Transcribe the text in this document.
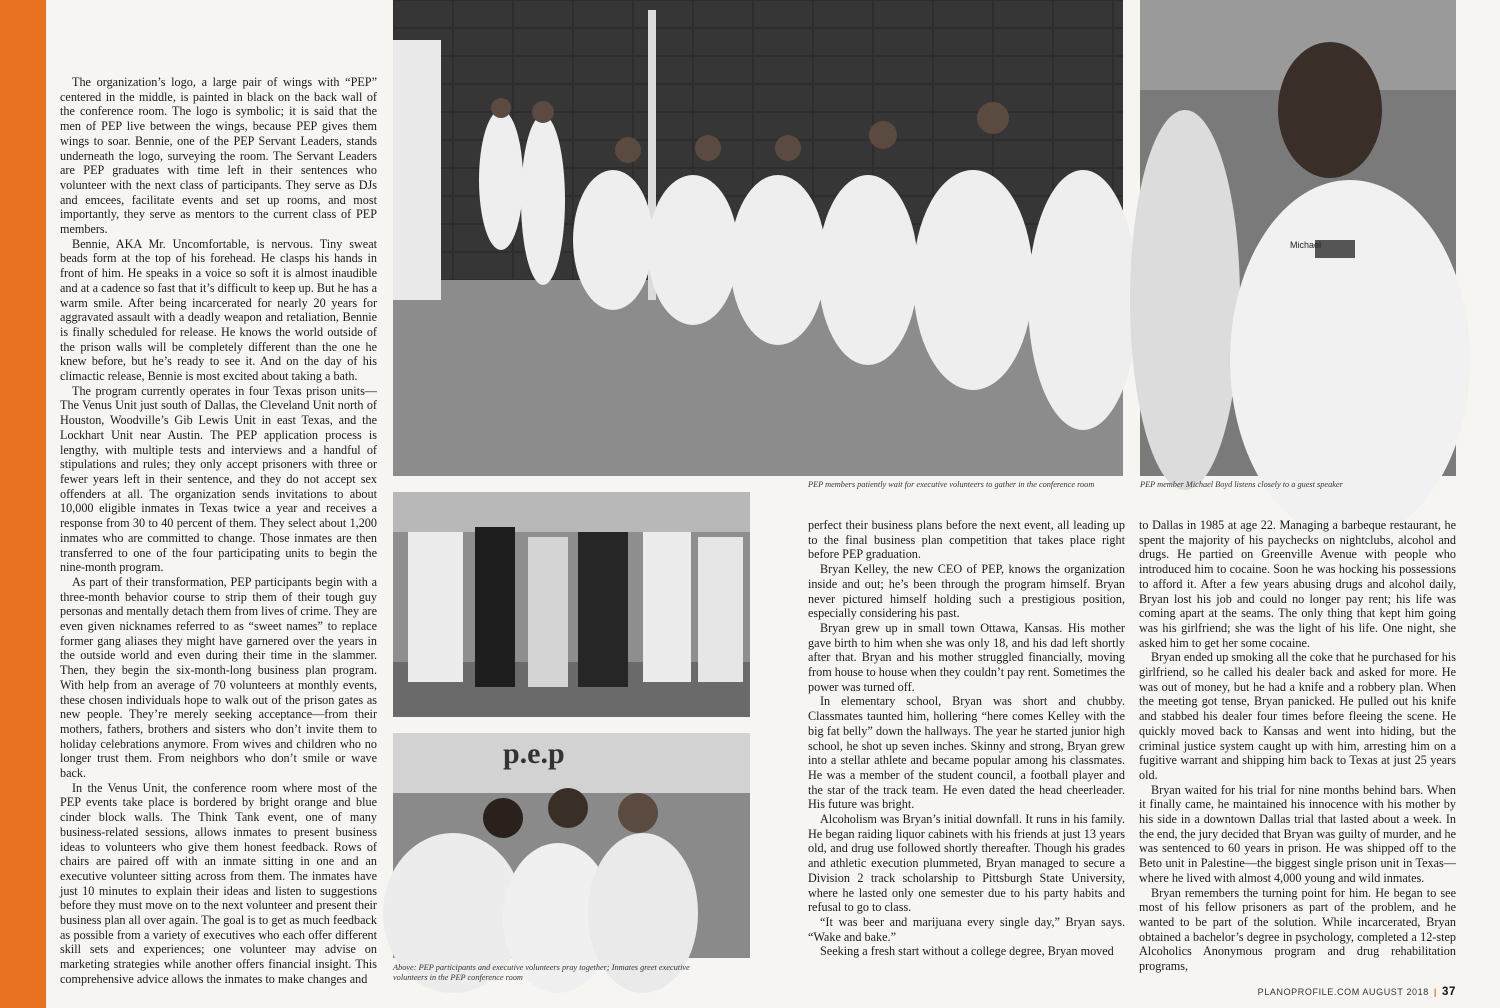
The organization’s logo, a large pair of wings with “PEP” centered in the middle, is painted in black on the back wall of the conference room. The logo is symbolic; it is said that the men of PEP live between the wings, because PEP gives them wings to soar. Bennie, one of the PEP Servant Leaders, stands underneath the logo, surveying the room. The Servant Leaders are PEP graduates with time left in their sentences who volunteer with the next class of participants. They serve as DJs and emcees, facilitate events and set up rooms, and most importantly, they serve as mentors to the current class of PEP members.

Bennie, AKA Mr. Uncomfortable, is nervous. Tiny sweat beads form at the top of his forehead. He clasps his hands in front of him. He speaks in a voice so soft it is almost inaudible and at a cadence so fast that it’s difficult to keep up. But he has a warm smile. After being incarcerated for nearly 20 years for aggravated assault with a deadly weapon and retaliation, Bennie is finally scheduled for release. He knows the world outside of the prison walls will be completely different than the one he knew before, but he’s ready to see it. And on the day of his climactic release, Bennie is most excited about taking a bath.

The program currently operates in four Texas prison units—The Venus Unit just south of Dallas, the Cleveland Unit north of Houston, Woodville’s Gib Lewis Unit in east Texas, and the Lockhart Unit near Austin. The PEP application process is lengthy, with multiple tests and interviews and a handful of stipulations and rules; they only accept prisoners with three or fewer years left in their sentence, and they do not accept sex offenders at all. The organization sends invitations to about 10,000 eligible inmates in Texas twice a year and receives a response from 30 to 40 percent of them. They select about 1,200 inmates who are committed to change. Those inmates are then transferred to one of the four participating units to begin the nine-month program.

As part of their transformation, PEP participants begin with a three-month behavior course to strip them of their tough guy personas and mentally detach them from lives of crime. They are even given nicknames referred to as “sweet names” to replace former gang aliases they might have garnered over the years in the outside world and even during their time in the slammer. Then, they begin the six-month-long business plan program. With help from an average of 70 volunteers at monthly events, these chosen individuals hope to walk out of the prison gates as new people. They’re merely seeking acceptance—from their mothers, fathers, brothers and sisters who don’t invite them to holiday celebrations anymore. From wives and children who no longer trust them. From neighbors who don’t smile or wave back.

In the Venus Unit, the conference room where most of the PEP events take place is bordered by bright orange and blue cinder block walls. The Think Tank event, one of many business-related sessions, allows inmates to present business ideas to volunteers who give them honest feedback. Rows of chairs are paired off with an inmate sitting in one and an executive volunteer sitting across from them. The inmates have just 10 minutes to explain their ideas and listen to suggestions before they must move on to the next volunteer and present their business plan all over again. The goal is to get as much feedback as possible from a variety of executives who each offer different skill sets and experiences; one volunteer may advise on marketing strategies while another offers financial insight. This comprehensive advice allows the inmates to make changes and

PEP members patiently wait for executive volunteers to gather in the conference room
Michael
PEP member Michael Boyd listens closely to a guest speaker
p.e.p
Above: PEP participants and executive volunteers pray together; Inmates greet executive volunteers in the PEP conference room

perfect their business plans before the next event, all leading up to the final business plan competition that takes place right before PEP graduation.

Bryan Kelley, the new CEO of PEP, knows the organization inside and out; he’s been through the program himself. Bryan never pictured himself holding such a prestigious position, especially considering his past.

Bryan grew up in small town Ottawa, Kansas. His mother gave birth to him when she was only 18, and his dad left shortly after that. Bryan and his mother struggled financially, moving from house to house when they couldn’t pay rent. Sometimes the power was turned off.

In elementary school, Bryan was short and chubby. Classmates taunted him, hollering “here comes Kelley with the big fat belly” down the hallways. The year he started junior high school, he shot up seven inches. Skinny and strong, Bryan grew into a stellar athlete and became popular among his classmates. He was a member of the student council, a football player and the star of the track team. He even dated the head cheerleader. His future was bright.

Alcoholism was Bryan’s initial downfall. It runs in his family. He began raiding liquor cabinets with his friends at just 13 years old, and drug use followed shortly thereafter. Though his grades and athletic execution plummeted, Bryan managed to secure a Division 2 track scholarship to Pittsburgh State University, where he lasted only one semester due to his party habits and refusal to go to class.

“It was beer and marijuana every single day,” Bryan says. “Wake and bake.”

Seeking a fresh start without a college degree, Bryan moved

to Dallas in 1985 at age 22. Managing a barbeque restaurant, he spent the majority of his paychecks on nightclubs, alcohol and drugs. He partied on Greenville Avenue with people who introduced him to cocaine. Soon he was hocking his possessions to afford it. After a few years abusing drugs and alcohol daily, Bryan lost his job and could no longer pay rent; his life was coming apart at the seams. The only thing that kept him going was his girlfriend; she was the light of his life. One night, she asked him to get her some cocaine.

Bryan ended up smoking all the coke that he purchased for his girlfriend, so he called his dealer back and asked for more. He was out of money, but he had a knife and a robbery plan. When the meeting got tense, Bryan panicked. He pulled out his knife and stabbed his dealer four times before fleeing the scene. He quickly moved back to Kansas and went into hiding, but the criminal justice system caught up with him, arresting him on a fugitive warrant and shipping him back to Texas at just 25 years old.

Bryan waited for his trial for nine months behind bars. When it finally came, he maintained his innocence with his mother by his side in a downtown Dallas trial that lasted about a week. In the end, the jury decided that Bryan was guilty of murder, and he was sentenced to 60 years in prison. He was shipped off to the Beto unit in Palestine—the biggest single prison unit in Texas—where he lived with almost 4,000 young and wild inmates.

Bryan remembers the turning point for him. He began to see most of his fellow prisoners as part of the problem, and he wanted to be part of the solution. While incarcerated, Bryan obtained a bachelor’s degree in psychology, completed a 12-step Alcoholics Anonymous program and drug rehabilitation programs,

PLANOPROFILE.COM AUGUST 2018 | 37
